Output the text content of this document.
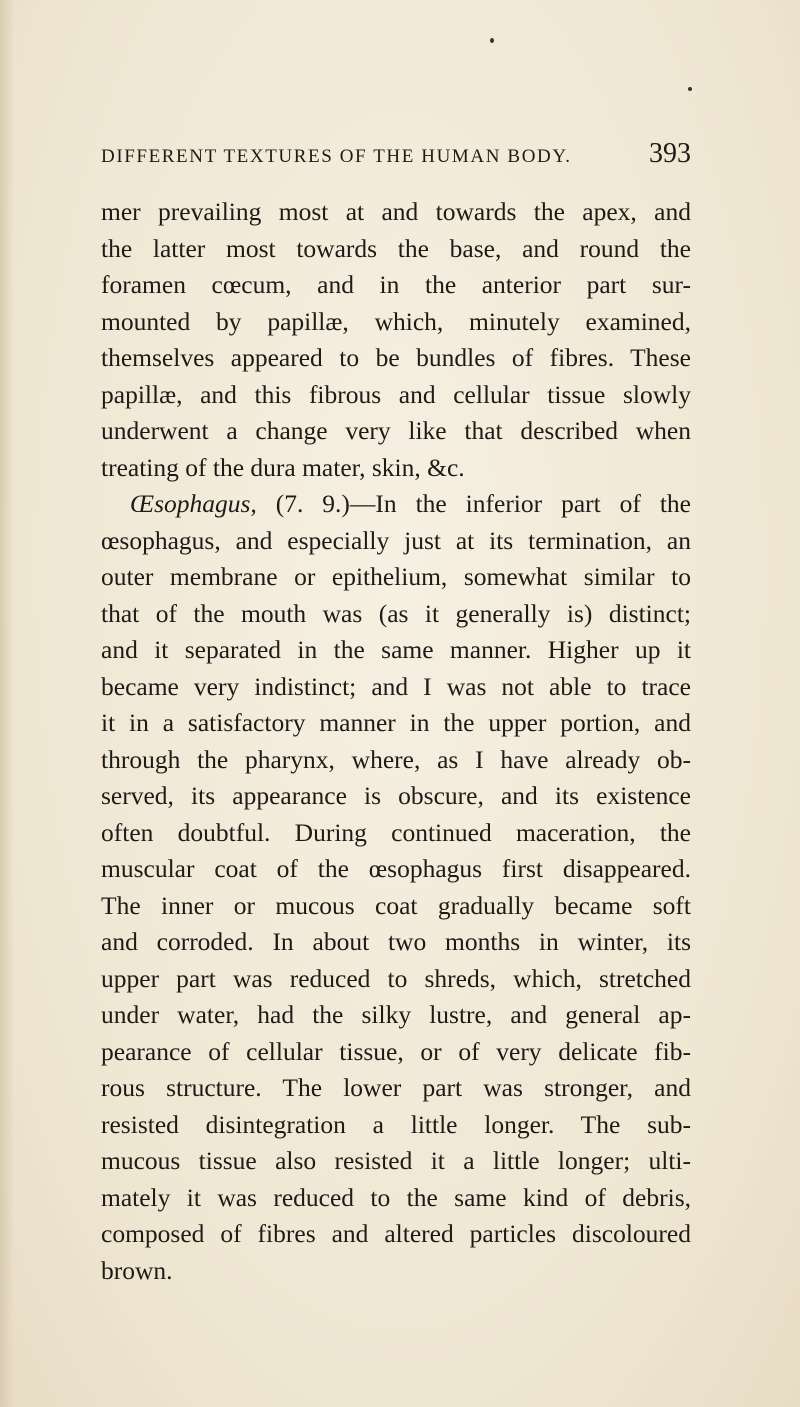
DIFFERENT TEXTURES OF THE HUMAN BODY.	393
mer prevailing most at and towards the apex, and
the latter most towards the base, and round the
foramen cœcum, and in the anterior part sur-
mounted by papillæ, which, minutely examined,
themselves appeared to be bundles of fibres. These
papillæ, and this fibrous and cellular tissue slowly
underwent a change very like that described when
treating of the dura mater, skin, &c.
Œsophagus, (7. 9.)—In the inferior part of the
œsophagus, and especially just at its termination, an
outer membrane or epithelium, somewhat similar to
that of the mouth was (as it generally is) distinct;
and it separated in the same manner. Higher up it
became very indistinct; and I was not able to trace
it in a satisfactory manner in the upper portion, and
through the pharynx, where, as I have already ob-
served, its appearance is obscure, and its existence
often doubtful. During continued maceration, the
muscular coat of the œsophagus first disappeared.
The inner or mucous coat gradually became soft
and corroded. In about two months in winter, its
upper part was reduced to shreds, which, stretched
under water, had the silky lustre, and general ap-
pearance of cellular tissue, or of very delicate fib-
rous structure. The lower part was stronger, and
resisted disintegration a little longer. The sub-
mucous tissue also resisted it a little longer; ulti-
mately it was reduced to the same kind of debris,
composed of fibres and altered particles discoloured
brown.
